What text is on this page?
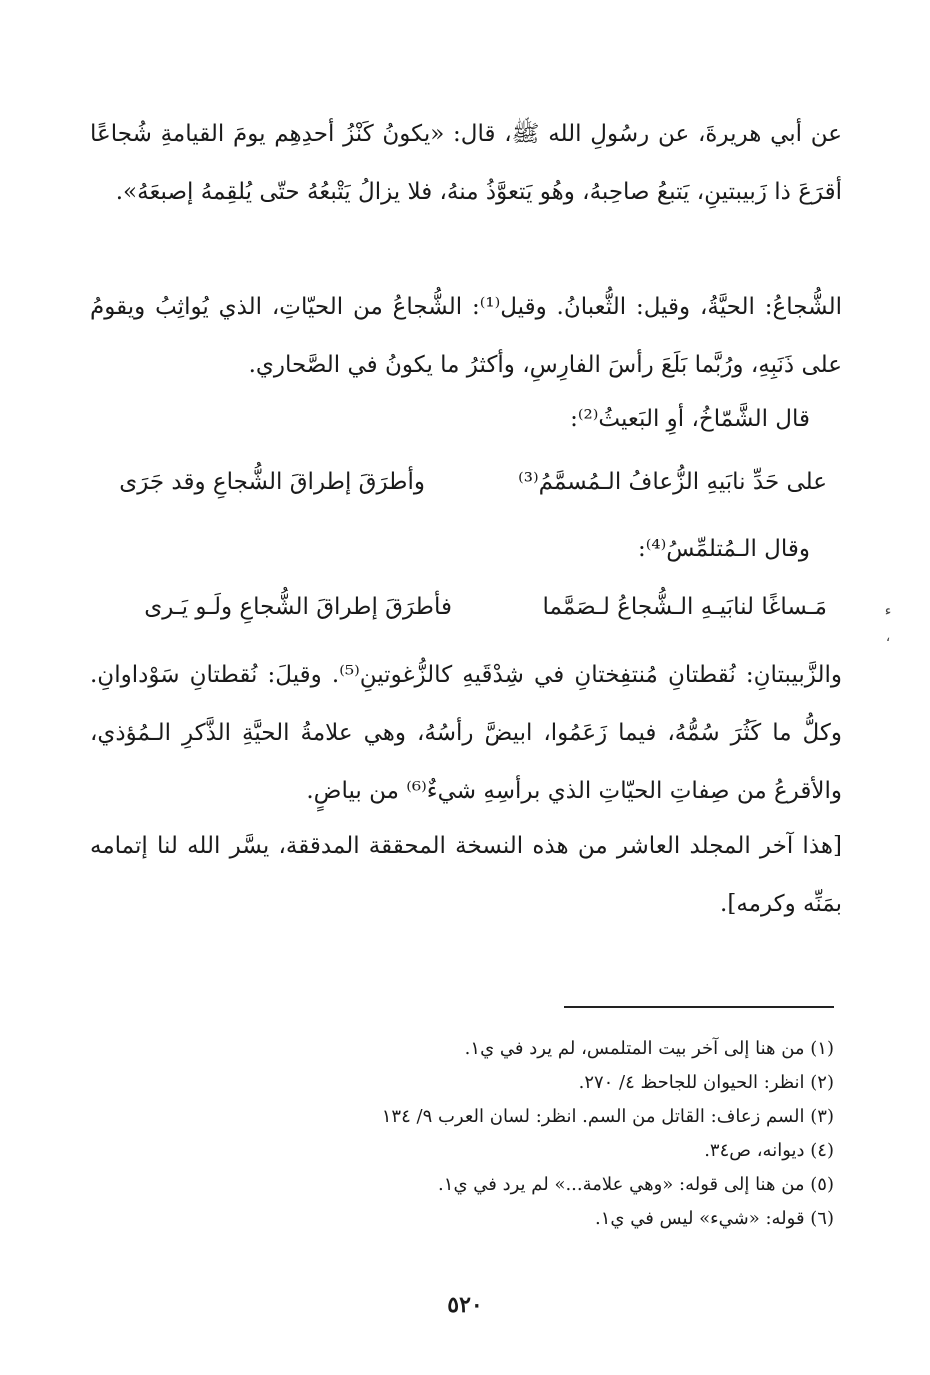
عن أبي هريرةَ، عن رسُولِ الله ﷺ، قال: «يكونُ كَنْزُ أحدِهِم يومَ القيامةِ شُجاعًا أقرَعَ ذا زَبيبتينِ، يَتبعُ صاحِبهُ، وهُو يَتعوَّذُ منهُ، فلا يزالُ يَتْبعُهُ حتّى يُلقِمهُ إصبعَهُ».

الشُّجاعُ: الحيَّةُ، وقيل: الثُّعبانُ. وقيل⁽¹⁾: الشُّجاعُ من الحيّاتِ، الذي يُواثِبُ ويقومُ على ذَنَبِهِ، ورُبَّما بَلَعَ رأسَ الفارِسِ، وأكثرُ ما يكونُ في الصَّحاري.

قال الشَّمّاخُ، أوِ البَعيثُ⁽²⁾:
على حَدِّ نابَيهِ الزُّعافُ الـمُسمَّمُ⁽³⁾
وأطرَقَ إطراقَ الشُّجاعِ وقد جَرَى
وقال الـمُتلمِّسُ⁽⁴⁾:
مَـساغًا لنابَيـهِ الـشُّجاعُ لـصَمَّما
فأطرَقَ إطراقَ الشُّجاعِ ولَـو يَـرى	ء ،

والزَّبيبتانِ: نُقطتانِ مُنتفِختانِ في شِدْقَيهِ كالزُّغوتينِ⁽⁵⁾. وقيلَ: نُقطتانِ سَوْداوانِ. وكلُّ ما كَثُرَ سُمُّهُ، فيما زَعَمُوا، ابيضَّ رأسُهُ، وهي علامةُ الحيَّةِ الذَّكرِ الـمُؤذي، والأقرعُ من صِفاتِ الحيّاتِ الذي برأسِهِ شيءٌ⁽⁶⁾ من بياضٍ.

[هذا آخر المجلد العاشر من هذه النسخة المحققة المدققة، يسَّر الله لنا إتمامه بمَنِّه وكرمه].

(١) من هنا إلى آخر بيت المتلمس، لم يرد في ي١.
(٢) انظر: الحيوان للجاحظ ٤/ ٢٧٠.
(٣) السم زعاف: القاتل من السم. انظر: لسان العرب ٩/ ١٣٤
(٤) ديوانه، ص٣٤.
(٥) من هنا إلى قوله: «وهي علامة...» لم يرد في ي١.
(٦) قوله: «شيء» ليس في ي١.
٥٢٠
